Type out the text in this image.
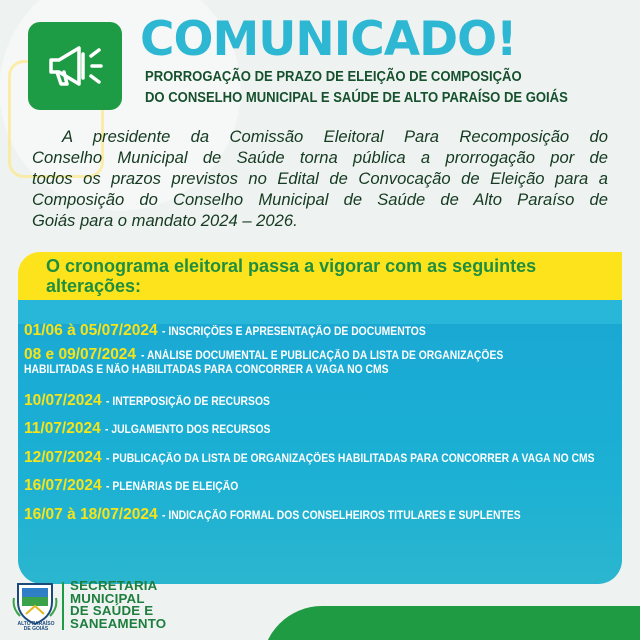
COMUNICADO!
PRORROGAÇÃO DE PRAZO DE ELEIÇÃO DE COMPOSIÇÃO
DO CONSELHO MUNICIPAL E SAÚDE DE ALTO PARAÍSO DE GOIÁS
A presidente da Comissão Eleitoral Para Recomposição do
Conselho Municipal de Saúde torna pública a prorrogação por de
todos os prazos previstos no Edital de Convocação de Eleição para a
Composição do Conselho Municipal de Saúde de Alto Paraíso de
Goiás para o mandato 2024 – 2026.
O cronograma eleitoral passa a vigorar com as seguintes
alterações:
01/06 à 05/07/2024 - INSCRIÇÕES E APRESENTAÇÃO DE DOCUMENTOS
08 e 09/07/2024 - ANÁLISE DOCUMENTAL E PUBLICAÇÃO DA LISTA DE ORGANIZAÇÕES
HABILITADAS E NÃO HABILITADAS PARA CONCORRER A VAGA NO CMS
10/07/2024 - INTERPOSIÇÃO DE RECURSOS
11/07/2024 - JULGAMENTO DOS RECURSOS
12/07/2024 - PUBLICAÇÃO DA LISTA DE ORGANIZAÇÕES HABILITADAS PARA CONCORRER A VAGA NO CMS
16/07/2024 - PLENÁRIAS DE ELEIÇÃO
16/07 à 18/07/2024 - INDICAÇÃO FORMAL DOS CONSELHEIROS TITULARES E SUPLENTES
ALTO PARAÍSO
DE GOIÁS
SECRETARIA
MUNICIPAL
DE SAÚDE E
SANEAMENTO
